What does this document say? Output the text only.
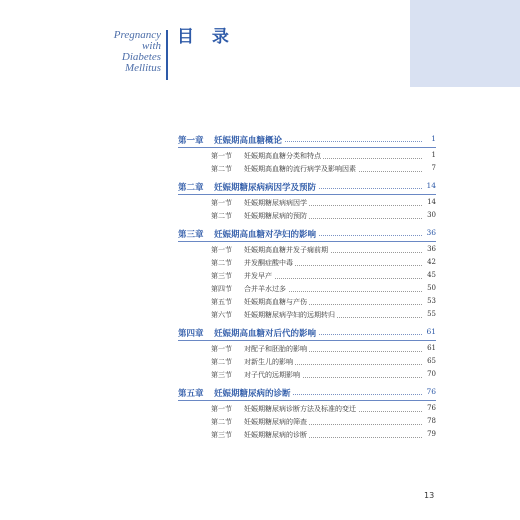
Pregnancy
with
Diabetes
Mellitus
目 录
第一章 妊娠期高血糖概论	1
第一节 妊娠期高血糖分类和特点	1
第二节 妊娠期高血糖的流行病学及影响因素	7
第二章 妊娠期糖尿病病因学及预防	14
第一节 妊娠期糖尿病病因学	14
第二节 妊娠期糖尿病的预防	30
第三章 妊娠期高血糖对孕妇的影响	36
第一节 妊娠期高血糖并发子痫前期	36
第二节 并发酮症酸中毒	42
第三节 并发早产	45
第四节 合并羊水过多	50
第五节 妊娠期高血糖与产伤	53
第六节 妊娠期糖尿病孕妇的远期转归	55
第四章 妊娠期高血糖对后代的影响	61
第一节 对配子和胚胎的影响	61
第二节 对新生儿的影响	65
第三节 对子代的远期影响	70
第五章 妊娠期糖尿病的诊断	76
第一节 妊娠期糖尿病诊断方法及标准的变迁	76
第二节 妊娠期糖尿病的筛查	78
第三节 妊娠期糖尿病的诊断	79
13
